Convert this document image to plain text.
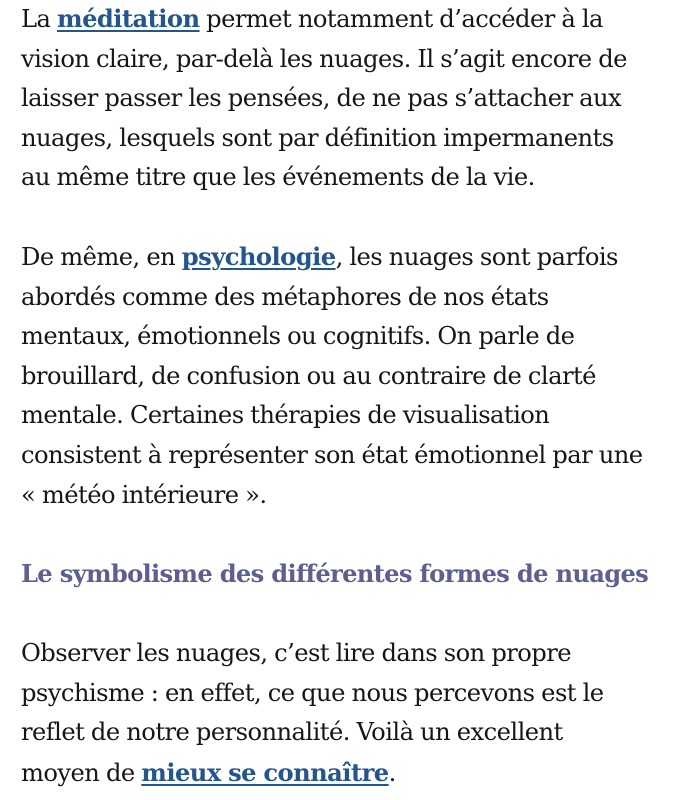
La méditation permet notamment d’accéder à la
vision claire, par-delà les nuages. Il s’agit encore de
laisser passer les pensées, de ne pas s’attacher aux
nuages, lesquels sont par définition impermanents
au même titre que les événements de la vie.

De même, en psychologie, les nuages sont parfois
abordés comme des métaphores de nos états
mentaux, émotionnels ou cognitifs. On parle de
brouillard, de confusion ou au contraire de clarté
mentale. Certaines thérapies de visualisation
consistent à représenter son état émotionnel par une
« météo intérieure ».

Le symbolisme des différentes formes de nuages

Observer les nuages, c’est lire dans son propre
psychisme : en effet, ce que nous percevons est le
reflet de notre personnalité. Voilà un excellent
moyen de mieux se connaître.
